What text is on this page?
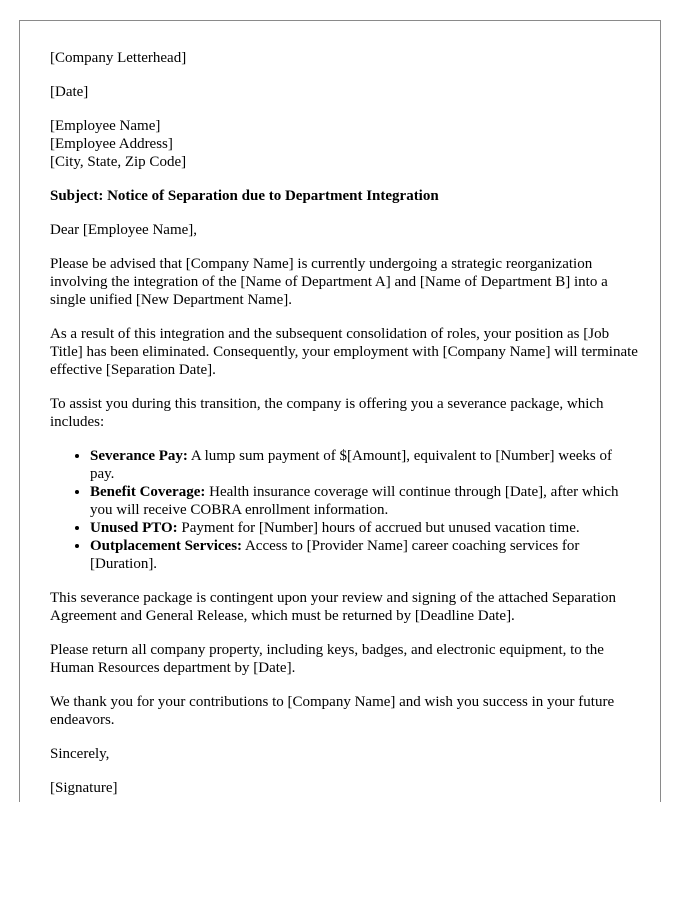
[Company Letterhead]

[Date]

[Employee Name]
[Employee Address]
[City, State, Zip Code]

Subject: Notice of Separation due to Department Integration

Dear [Employee Name],

Please be advised that [Company Name] is currently undergoing a strategic reorganization involving the integration of the [Name of Department A] and [Name of Department B] into a single unified [New Department Name].

As a result of this integration and the subsequent consolidation of roles, your position as [Job Title] has been eliminated. Consequently, your employment with [Company Name] will terminate effective [Separation Date].

To assist you during this transition, the company is offering you a severance package, which includes:

• Severance Pay: A lump sum payment of $[Amount], equivalent to [Number] weeks of pay.
• Benefit Coverage: Health insurance coverage will continue through [Date], after which you will receive COBRA enrollment information.
• Unused PTO: Payment for [Number] hours of accrued but unused vacation time.
• Outplacement Services: Access to [Provider Name] career coaching services for [Duration].

This severance package is contingent upon your review and signing of the attached Separation Agreement and General Release, which must be returned by [Deadline Date].

Please return all company property, including keys, badges, and electronic equipment, to the Human Resources department by [Date].

We thank you for your contributions to [Company Name] and wish you success in your future endeavors.

Sincerely,

[Signature]
